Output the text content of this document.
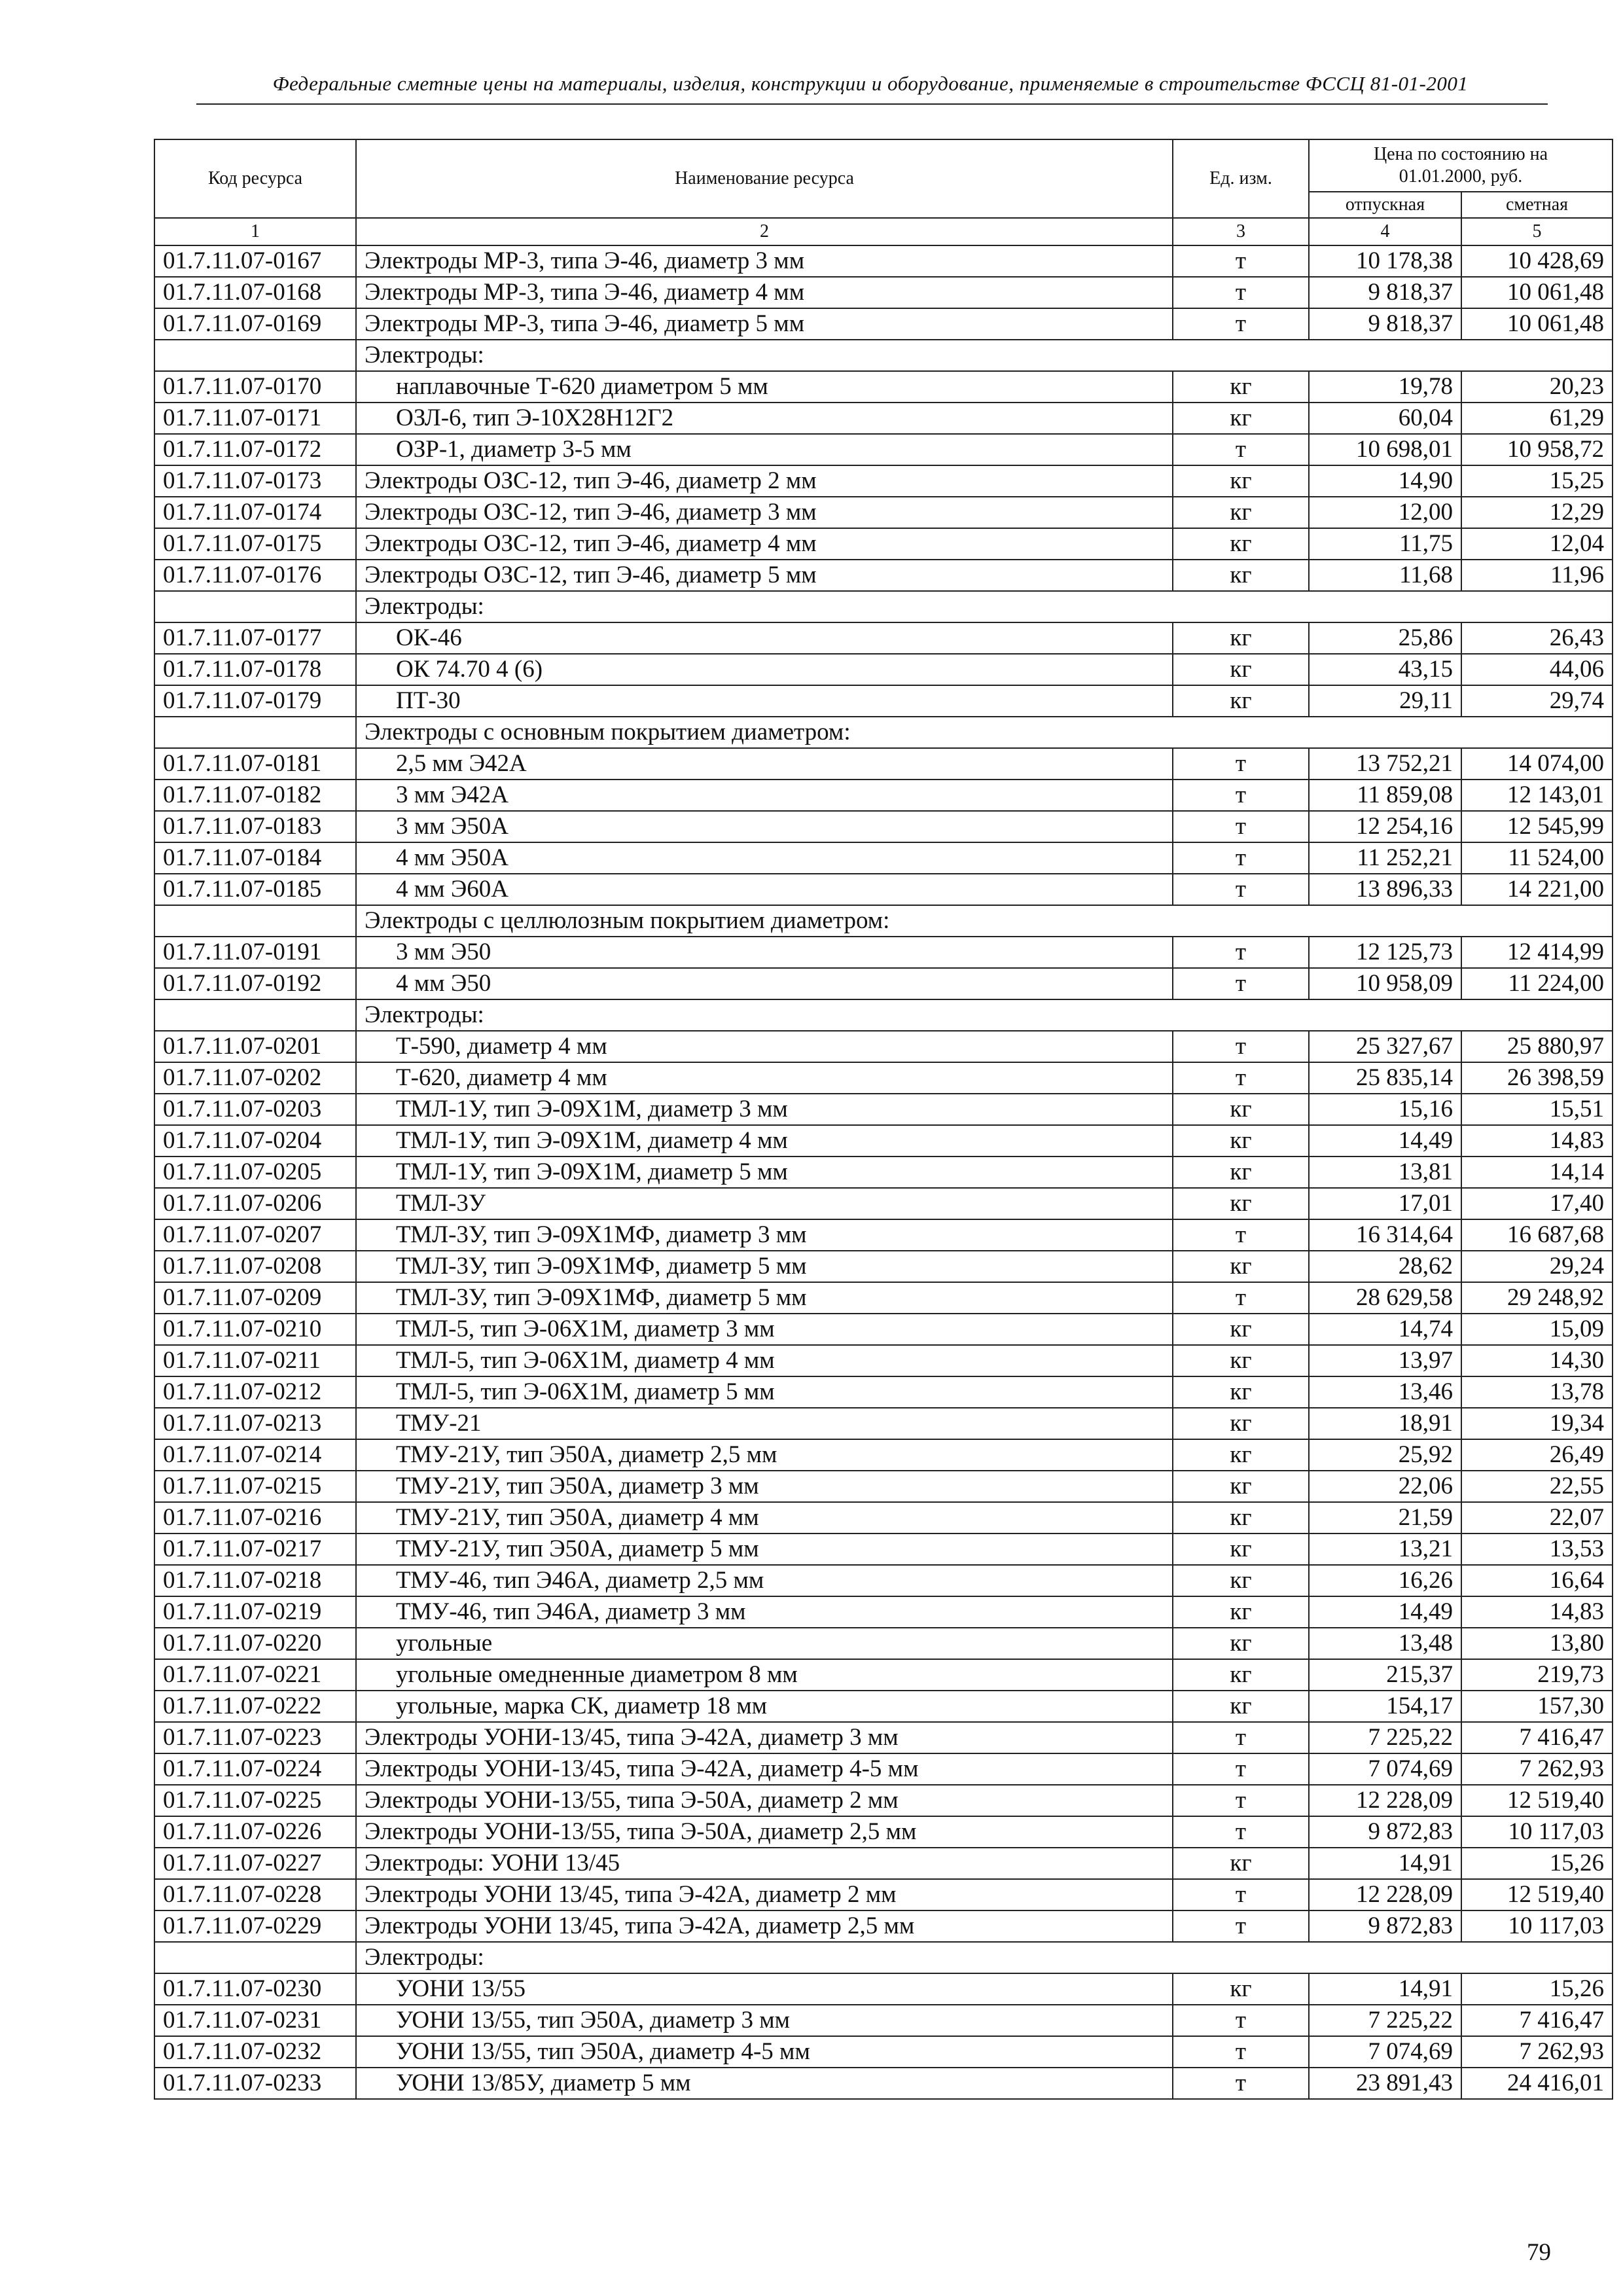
Федеральные сметные цены на материалы, изделия, конструкции и оборудование, применяемые в строительстве ФССЦ 81-01-2001
Код ресурса	Наименование ресурса	Ед. изм.	Цена по состоянию на 01.01.2000, руб.	
			отпускная	сметная
1	2	3	4	5
01.7.11.07-0167	Электроды МР-3, типа Э-46, диаметр 3 мм	т	10 178,38	10 428,69
01.7.11.07-0168	Электроды МР-3, типа Э-46, диаметр 4 мм	т	9 818,37	10 061,48
01.7.11.07-0169	Электроды МР-3, типа Э-46, диаметр 5 мм	т	9 818,37	10 061,48
	Электроды:			
01.7.11.07-0170	наплавочные Т-620 диаметром 5 мм	кг	19,78	20,23
01.7.11.07-0171	ОЗЛ-6, тип Э-10Х28Н12Г2	кг	60,04	61,29
01.7.11.07-0172	ОЗР-1, диаметр 3-5 мм	т	10 698,01	10 958,72
01.7.11.07-0173	Электроды ОЗС-12, тип Э-46, диаметр 2 мм	кг	14,90	15,25
01.7.11.07-0174	Электроды ОЗС-12, тип Э-46, диаметр 3 мм	кг	12,00	12,29
01.7.11.07-0175	Электроды ОЗС-12, тип Э-46, диаметр 4 мм	кг	11,75	12,04
01.7.11.07-0176	Электроды ОЗС-12, тип Э-46, диаметр 5 мм	кг	11,68	11,96
	Электроды:			
01.7.11.07-0177	ОК-46	кг	25,86	26,43
01.7.11.07-0178	ОК 74.70 4 (6)	кг	43,15	44,06
01.7.11.07-0179	ПТ-30	кг	29,11	29,74
	Электроды с основным покрытием диаметром:			
01.7.11.07-0181	2,5 мм Э42А	т	13 752,21	14 074,00
01.7.11.07-0182	3 мм Э42А	т	11 859,08	12 143,01
01.7.11.07-0183	3 мм Э50А	т	12 254,16	12 545,99
01.7.11.07-0184	4 мм Э50А	т	11 252,21	11 524,00
01.7.11.07-0185	4 мм Э60А	т	13 896,33	14 221,00
	Электроды с целлюлозным покрытием диаметром:			
01.7.11.07-0191	3 мм Э50	т	12 125,73	12 414,99
01.7.11.07-0192	4 мм Э50	т	10 958,09	11 224,00
	Электроды:			
01.7.11.07-0201	Т-590, диаметр 4 мм	т	25 327,67	25 880,97
01.7.11.07-0202	Т-620, диаметр 4 мм	т	25 835,14	26 398,59
01.7.11.07-0203	ТМЛ-1У, тип Э-09Х1М, диаметр 3 мм	кг	15,16	15,51
01.7.11.07-0204	ТМЛ-1У, тип Э-09Х1М, диаметр 4 мм	кг	14,49	14,83
01.7.11.07-0205	ТМЛ-1У, тип Э-09Х1М, диаметр 5 мм	кг	13,81	14,14
01.7.11.07-0206	ТМЛ-3У	кг	17,01	17,40
01.7.11.07-0207	ТМЛ-3У, тип Э-09Х1МФ, диаметр 3 мм	т	16 314,64	16 687,68
01.7.11.07-0208	ТМЛ-3У, тип Э-09Х1МФ, диаметр 5 мм	кг	28,62	29,24
01.7.11.07-0209	ТМЛ-3У, тип Э-09Х1МФ, диаметр 5 мм	т	28 629,58	29 248,92
01.7.11.07-0210	ТМЛ-5, тип Э-06Х1М, диаметр 3 мм	кг	14,74	15,09
01.7.11.07-0211	ТМЛ-5, тип Э-06Х1М, диаметр 4 мм	кг	13,97	14,30
01.7.11.07-0212	ТМЛ-5, тип Э-06Х1М, диаметр 5 мм	кг	13,46	13,78
01.7.11.07-0213	ТМУ-21	кг	18,91	19,34
01.7.11.07-0214	ТМУ-21У, тип Э50А, диаметр 2,5 мм	кг	25,92	26,49
01.7.11.07-0215	ТМУ-21У, тип Э50А, диаметр 3 мм	кг	22,06	22,55
01.7.11.07-0216	ТМУ-21У, тип Э50А, диаметр 4 мм	кг	21,59	22,07
01.7.11.07-0217	ТМУ-21У, тип Э50А, диаметр 5 мм	кг	13,21	13,53
01.7.11.07-0218	ТМУ-46, тип Э46А, диаметр 2,5 мм	кг	16,26	16,64
01.7.11.07-0219	ТМУ-46, тип Э46А, диаметр 3 мм	кг	14,49	14,83
01.7.11.07-0220	угольные	кг	13,48	13,80
01.7.11.07-0221	угольные омедненные диаметром 8 мм	кг	215,37	219,73
01.7.11.07-0222	угольные, марка СК, диаметр 18 мм	кг	154,17	157,30
01.7.11.07-0223	Электроды УОНИ-13/45, типа Э-42А, диаметр 3 мм	т	7 225,22	7 416,47
01.7.11.07-0224	Электроды УОНИ-13/45, типа Э-42А, диаметр 4-5 мм	т	7 074,69	7 262,93
01.7.11.07-0225	Электроды УОНИ-13/55, типа Э-50А, диаметр 2 мм	т	12 228,09	12 519,40
01.7.11.07-0226	Электроды УОНИ-13/55, типа Э-50А, диаметр 2,5 мм	т	9 872,83	10 117,03
01.7.11.07-0227	Электроды: УОНИ 13/45	кг	14,91	15,26
01.7.11.07-0228	Электроды УОНИ 13/45, типа Э-42А, диаметр 2 мм	т	12 228,09	12 519,40
01.7.11.07-0229	Электроды УОНИ 13/45, типа Э-42А, диаметр 2,5 мм	т	9 872,83	10 117,03
	Электроды:			
01.7.11.07-0230	УОНИ 13/55	кг	14,91	15,26
01.7.11.07-0231	УОНИ 13/55, тип Э50А, диаметр 3 мм	т	7 225,22	7 416,47
01.7.11.07-0232	УОНИ 13/55, тип Э50А, диаметр 4-5 мм	т	7 074,69	7 262,93
01.7.11.07-0233	УОНИ 13/85У, диаметр 5 мм	т	23 891,43	24 416,01
79
